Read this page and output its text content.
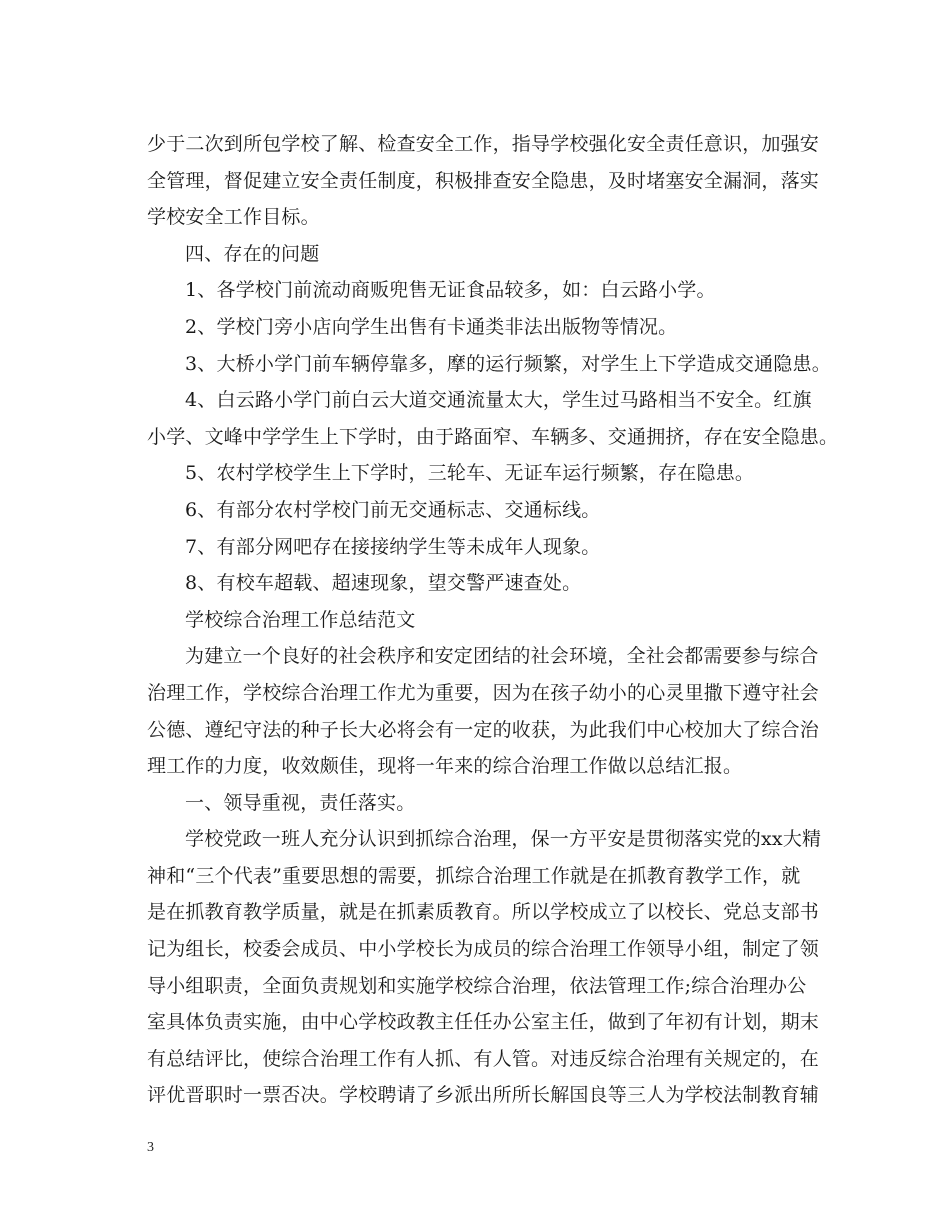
少于二次到所包学校了解、检查安全工作，指导学校强化安全责任意识，加强安
全管理，督促建立安全责任制度，积极排查安全隐患，及时堵塞安全漏洞，落实
学校安全工作目标。
四、存在的问题
1、各学校门前流动商贩兜售无证食品较多，如：白云路小学。
2、学校门旁小店向学生出售有卡通类非法出版物等情况。
3、大桥小学门前车辆停靠多，摩的运行频繁，对学生上下学造成交通隐患。
4、白云路小学门前白云大道交通流量太大，学生过马路相当不安全。红旗
小学、文峰中学学生上下学时，由于路面窄、车辆多、交通拥挤，存在安全隐患。
5、农村学校学生上下学时，三轮车、无证车运行频繁，存在隐患。
6、有部分农村学校门前无交通标志、交通标线。
7、有部分网吧存在接接纳学生等未成年人现象。
8、有校车超载、超速现象，望交警严速查处。
学校综合治理工作总结范文
为建立一个良好的社会秩序和安定团结的社会环境，全社会都需要参与综合
治理工作，学校综合治理工作尤为重要，因为在孩子幼小的心灵里撒下遵守社会
公德、遵纪守法的种子长大必将会有一定的收获，为此我们中心校加大了综合治
理工作的力度，收效颇佳，现将一年来的综合治理工作做以总结汇报。
一、领导重视，责任落实。
学校党政一班人充分认识到抓综合治理，保一方平安是贯彻落实党的xx大精
神和“三个代表”重要思想的需要，抓综合治理工作就是在抓教育教学工作，就
是在抓教育教学质量，就是在抓素质教育。所以学校成立了以校长、党总支部书
记为组长，校委会成员、中小学校长为成员的综合治理工作领导小组，制定了领
导小组职责，全面负责规划和实施学校综合治理，依法管理工作;综合治理办公
室具体负责实施，由中心学校政教主任任办公室主任，做到了年初有计划，期末
有总结评比，使综合治理工作有人抓、有人管。对违反综合治理有关规定的，在
评优晋职时一票否决。学校聘请了乡派出所所长解国良等三人为学校法制教育辅
3
